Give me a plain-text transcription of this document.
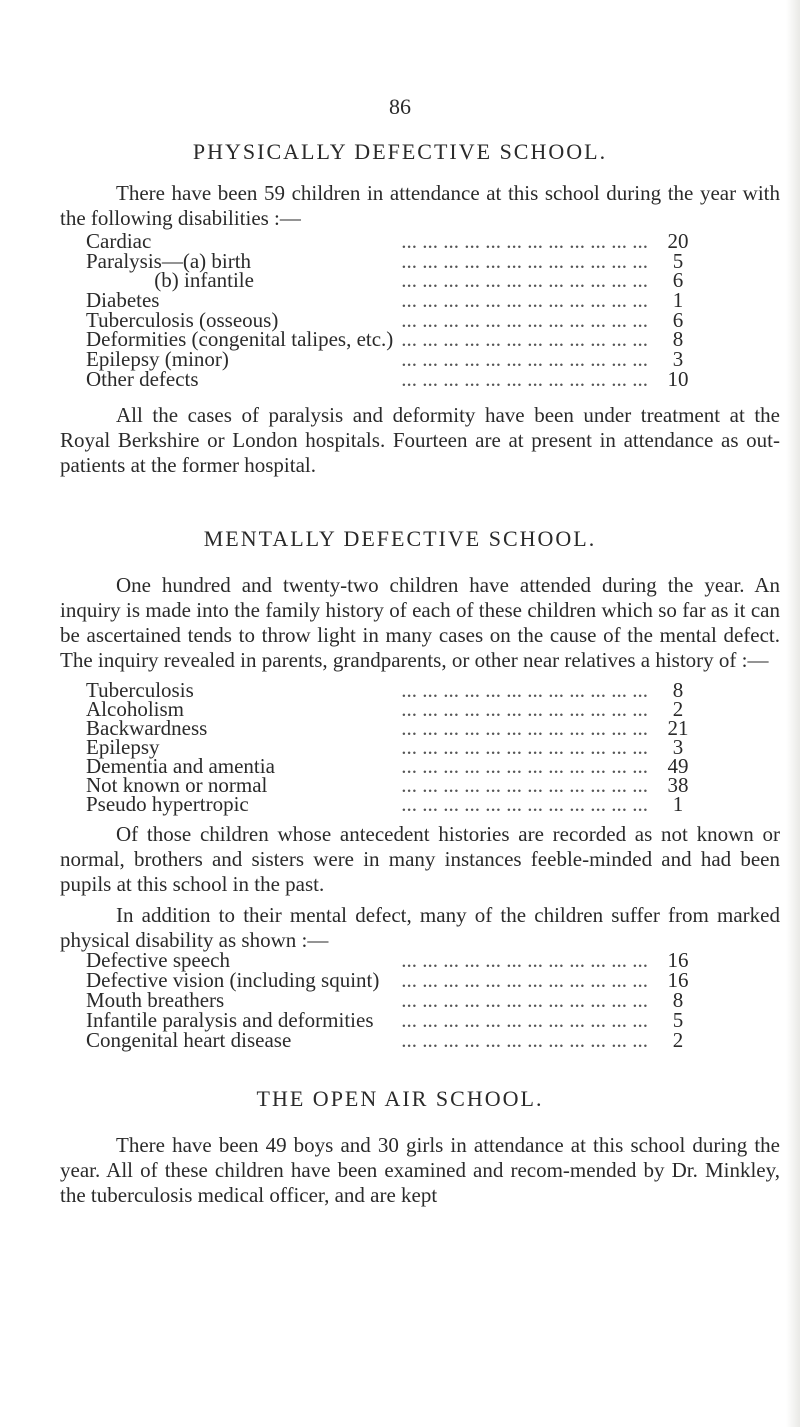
86
PHYSICALLY DEFECTIVE SCHOOL.

There have been 59 children in attendance at this school during the year with the following disabilities :—

Cardiac	... ... ... ... ... ... ... ... ... ... ... ... 20
Paralysis—(a) birth	... ... ... ... ... ... ... ... ... ... ... ...	5
(b) infantile	... ... ... ... ... ... ... ... ... ... ... ...	6
Diabetes	... ... ... ... ... ... ... ... ... ... ... ...	1
Tuberculosis (osseous)	... ... ... ... ... ... ... ... ... ... ... ...	6
Deformities (congenital talipes, etc.) ... ... ... ... ... ... ... ... ... ... ... ...	8
Epilepsy (minor)	... ... ... ... ... ... ... ... ... ... ... ...	3
Other defects	... ... ... ... ... ... ... ... ... ... ... ... 10

All the cases of paralysis and deformity have been under treatment at the Royal Berkshire or London hospitals. Fourteen are at present in attendance as out-patients at the former hospital.

MENTALLY DEFECTIVE SCHOOL.

One hundred and twenty-two children have attended during the year. An inquiry is made into the family history of each of these children which so far as it can be ascertained tends to throw light in many cases on the cause of the mental defect. The inquiry revealed in parents, grandparents, or other near relatives a history of :—

Tuberculosis	... ... ... ... ... ... ... ... ... ... ... ...	8
Alcoholism	... ... ... ... ... ... ... ... ... ... ... ...	2
Backwardness	... ... ... ... ... ... ... ... ... ... ... ... 21
Epilepsy	... ... ... ... ... ... ... ... ... ... ... ...	3
Dementia and amentia	... ... ... ... ... ... ... ... ... ... ... ... 49
Not known or normal	... ... ... ... ... ... ... ... ... ... ... ... 38
Pseudo hypertropic	... ... ... ... ... ... ... ... ... ... ... ...	1

Of those children whose antecedent histories are recorded as not known or normal, brothers and sisters were in many instances feeble-minded and had been pupils at this school in the past.

In addition to their mental defect, many of the children suffer from marked physical disability as shown :—

Defective speech	... ... ... ... ... ... ... ... ... ... ... ... 16
Defective vision (including squint)	... ... ... ... ... ... ... ... ... ... ... ... 16
Mouth breathers	... ... ... ... ... ... ... ... ... ... ... ...	8
Infantile paralysis and deformities	... ... ... ... ... ... ... ... ... ... ... ...	5
Congenital heart disease	... ... ... ... ... ... ... ... ... ... ... ...	2
THE OPEN AIR SCHOOL.

There have been 49 boys and 30 girls in attendance at this school during the year. All of these children have been examined and recom-mended by Dr. Minkley, the tuberculosis medical officer, and are kept
